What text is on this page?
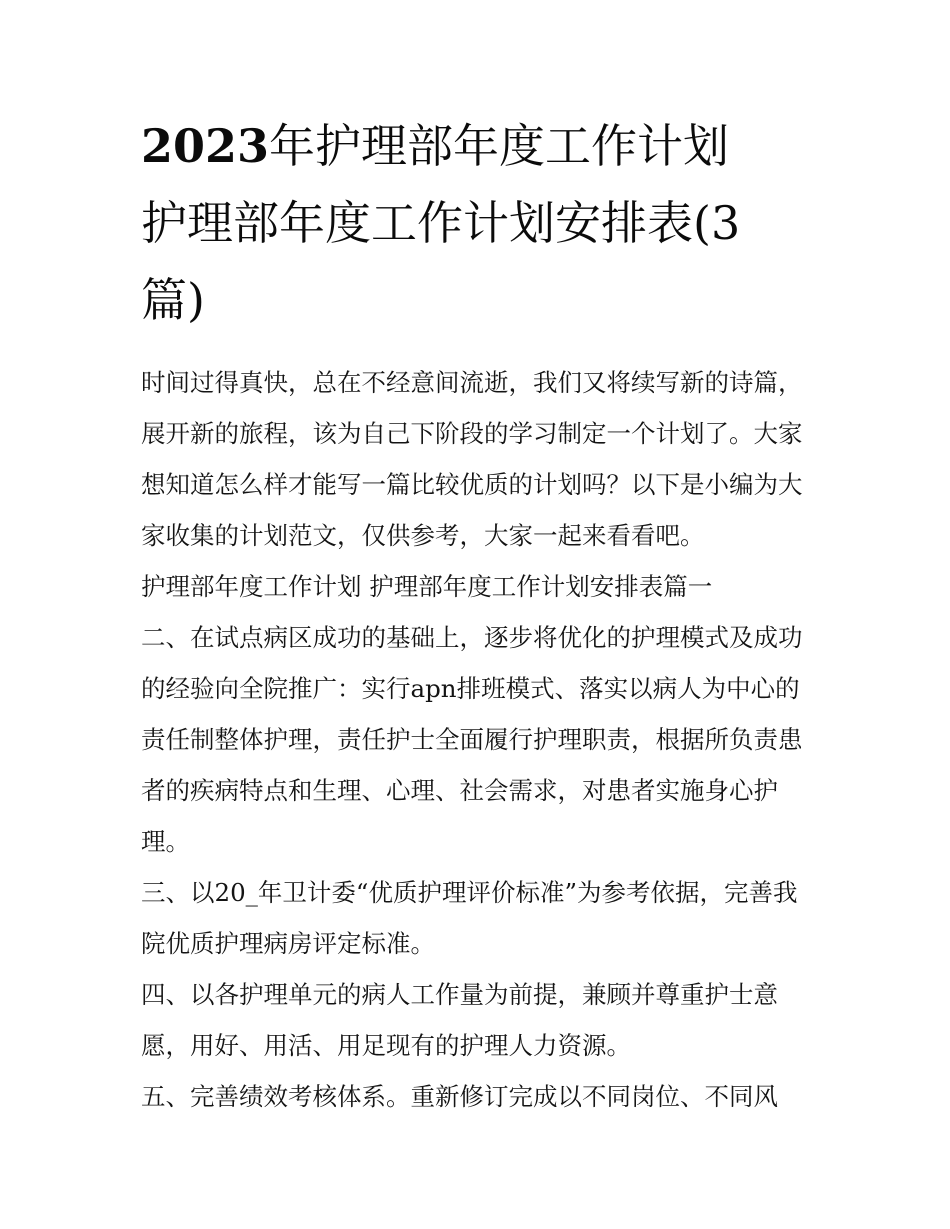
2023年护理部年度工作计划
护理部年度工作计划安排表(3
篇)

时间过得真快，总在不经意间流逝，我们又将续写新的诗篇，展开新的旅程，该为自己下阶段的学习制定一个计划了。大家想知道怎么样才能写一篇比较优质的计划吗？以下是小编为大家收集的计划范文，仅供参考，大家一起来看看吧。

护理部年度工作计划 护理部年度工作计划安排表篇一

二、在试点病区成功的基础上，逐步将优化的护理模式及成功的经验向全院推广：实行apn排班模式、落实以病人为中心的责任制整体护理，责任护士全面履行护理职责，根据所负责患者的疾病特点和生理、心理、社会需求，对患者实施身心护理。

三、以20_年卫计委“优质护理评价标准”为参考依据，完善我院优质护理病房评定标准。

四、以各护理单元的病人工作量为前提，兼顾并尊重护士意愿，用好、用活、用足现有的护理人力资源。

五、完善绩效考核体系。重新修订完成以不同岗位、不同风
